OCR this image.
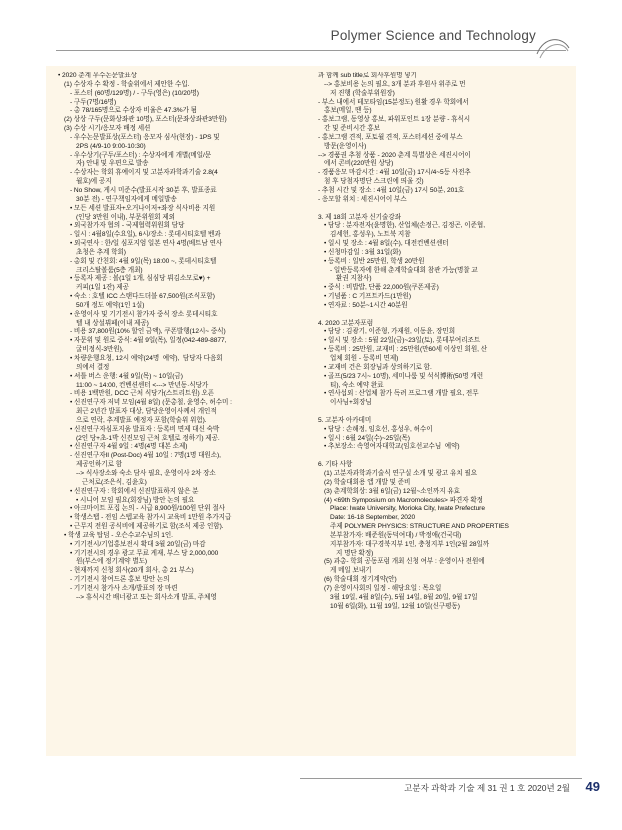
Polymer Science and Technology
• 2020 춘계 우수논문발표상
(1) 수상자 수 확정 - 학술위에서 제안한 수입.
- 포스터 (60명/129명) / - 구두(영은) (10/20명)
- 구두(7명/16명)
- 총 78/165명으로 수상자 비율은 47.3%가 됨
(2) 상상 구두(문화상좌관 10명), 포스터(문좌상좌관3만원)
(3) 수상 시기/응모자 배정 세션
- 우수논문발표상(포스터) 응모자 심사(현장) - 1PS 및
2PS (4/9-10 9:00-10:30)
- 우수상기(구두/포스터) : 수상자에게 개별(메일/문
자) 안내 및 우편으로 발송
- 수상자는 학회 휴예이지 및 고분자과학과기술 2.8(4
월호)에 공지
- No Show, 게시 미준수(발표시작 30분 후, 발표종료
30분 전) - 연구책임자에게 메일발송
• 모든 세션 발표자+오거나이저+좌장 식사비용 지원
(인당 3만원 이내), 부문위원회 제외
• 외국참가자 협의 - 국제협력위원회 담당
- 일시 : 4월8일(수요일), 6시/장소 : 롯데시티호텔 벤과
• 외국연사 : 한/일 심포지엄 일본 연사 4명(베트남 연사
초청은 추계 학회)
- 총회 및 간친회: 4월 9일(목) 18:00 ~, 롯데시티호텔
크리스탈볼룸(5층 개최)
• 등록자 제공 : 볼(1일 1개, 심심당 뷔김소모로♥) +
커피(1일 1잔) 제공
• 숙소 : 호텔 ICC 스탠다드더블 67,500원(조식포함)
50개 정도 예약(1인 1실)
• 운영이사 및 기기전시 참가자 중식 장소 롯데시티호
텔 내 상설뷔페(이내 제공)
- 비용 37,800원(10% 할인 금액), 쿠폰발행(12시~ 중식)
• 자문위 및 원로 중식: 4월 9일(목), 일정(042-489-8877,
굴비정식-3만원),
• 차량운행요청, 12시 예약(24명  예약),  담당자 다음회
의에서 결정
• 셔틀 버스 운행: 4월 9일(목) ~ 10일(금)
11:00 ~ 14:00, 컨벤션센터 <---> 만년동·식당가
- 비용 1백만원, DCC 근처 식당가(스트리트원) 오픈
• 신진연구자 저녁 모임(4월 8일) (문총철, 윤영수, 허수미 :
최근 2년간 발표자 대상, 담당운영이사께서 개인적
으로 연락, 추계발표 예정자 포함(학술위 위험).
• 신진연구자심포지움 발표자 : 등록비 면제 대신 숙박
(2인 당+초-1박 신진모임 근처 호텔로 정하기) 제공.
• 신진연구자 4월 9일 : 4명(4명 대본 소제)
- 신진연구자II (Post-Doc) 4월 10일 : 7명(1명 대원소),
제공인하기로 함
--> 식사장소와 숙소 담사 필요, 운영이사 2차 장소
근처로(조은식, 김윤호)
• 신진연구자 : 학회에서 신진발표하지 않은 분
• 시니어 모임 필요(회장님) 방안 논의 필요
• 아크마이트 포집 논의 - 시급 8,900원/100원 단위 절사
• 학생스탭 - 전임 스텝교육 참가시 교육비 1만원 추가지급
• 근무지 전원 공식비에 제공하기로 함(조식 제공 인함).
• 학생 교육 탑덤 - 오슨수교수님의 1인.
• 기기전시/기업홍보전시 확대 3월 20일(금) 마감
• 기기전시의 경우 광고 무료 게재, 부스 당 2,000,000
원(부스에 정기계약 별도)
- 현재까지 신청 회사(20개 회사, 총 21 부스)
- 기기전시 참여드론 홍보 방안 논의
- 기기전시 참가사 소개/발표의 장 마련
--> 휴식시간 배너광고 또는 회사소개 발표, 주체영
과 함께 sub title로 회사후원명 넣기
--> 홍보비용 논의 필요, 3개 분과 후원사 위주로 먼
저 진행 (학술부위원장)
- 부스 내에서 테모타임(15분정도) 원활 경우 학회에서
홍보(메일, 땐 등)
- 홍보그램, 동영상 홍보, 파워포인트 1장 분량 - 휴식시
간 및 준비시간 홍보
- 홍보그램 견적, 포토월 견적, 포스터세션 중에 부스
방문(운영이사)
--> 경품권 추첨 상품 - 2020 춘계 특별상은 세진시어이
에서 콘비(220만원 상당)
- 경품응모 마감시간 : 4월 10일(금) 17시/4~5등 사전추
첨 후 당첨자명단 스크린에 띄울 것)
- 추첨 시간 및 장소 : 4월 10일(금) 17시 50분, 201호
- 응모할 위치 : 세진시어이 부스

3. 제 18회 고분자 신기술강좌
• 담당 : 분자전자(윤명한), 산업체(손정근, 김정곤, 이준협,
김세헌, 홍성우), 노트북 지참
• 일시 및 장소 : 4월 8일(수), 대전컨벤션센터
• 신청마감일 : 3월 31일(화)
• 등록비 : 일반 25만원, 학생 20만원
- 일반등록자에 한해 춘계학술대회 참관 가능(명찰 교
환권 지참사)
• 중식 : 비밥밥, 단품 22,000원(쿠폰제공)
• 기념품 : C 기프트카드(1만원)
• 연자료 : 50분~1시간 40분원

4. 2020 고분자포럼
• 담당 : 김광기, 이준형, 가재원, 이동윤, 장민희
• 일시 및 장소 : 5월 22일(금)~23일(토), 롯데부여리조트
• 등록비 : 25만원, 교재비 : 25만원(만60세 이상인 회원, 산
업체 회원 - 등록비 면제)
• 교재비 건은 회장님과 상의하기로 함.
• 골프(5/23 7시~ 10명), 세미나룸 및 석식博術(50명 개런
티), 숙소 예약 완료
• 연사섭외 : 산업체 참가 독려 프로그램 개발 필요, 전무
이사님+회장님

5. 고분자 아카데미
• 담당 : 손해정, 임호선, 홍성우, 허수이
• 일시 : 6월 24일(수)~25일(목)
• 추보장소: 속영여자대학교(임호선교수님  예약)

6. 기타 사항
(1) 고분자과학과기술식 연구실 소개 및 광고 유치 필요
(2) 학술대회용 앱 개발 및 준비
(3) 춘계학회상: 3월 6일(금) 12월~소인까지 유효
(4) <69th Symposium on Macromolecules> 파견자 확정
Place: Iwate University, Morioka City, Iwate Prefecture
Date: 16-18 September, 2020
주제 POLYMER PHYSICS: STRUCTURE AND PROPERTIES
본부참가자: 배준원(동덕여대) / 박정애(건국대)
지부참가자: 대구경북지부 1인, 충청지부 1인(2월 28일까
지 명단 확정)
(5) 과총- 학회 공동포럼 개최 신청 여부 : 운영이사 전원에
게 메일 보내기
(6) 학술대회 정기계약(안)
(7) 운영이사회의 일정 - 해당요일 : 목요일
3월 19일, 4월 8일(수), 5월 14일, 8월 20일, 9월 17일
10월 6일(화), 11월 19일, 12월 10일(신구평동)
고분자 과학과 기술 제 31 권 1 호 2020년 2월 49
